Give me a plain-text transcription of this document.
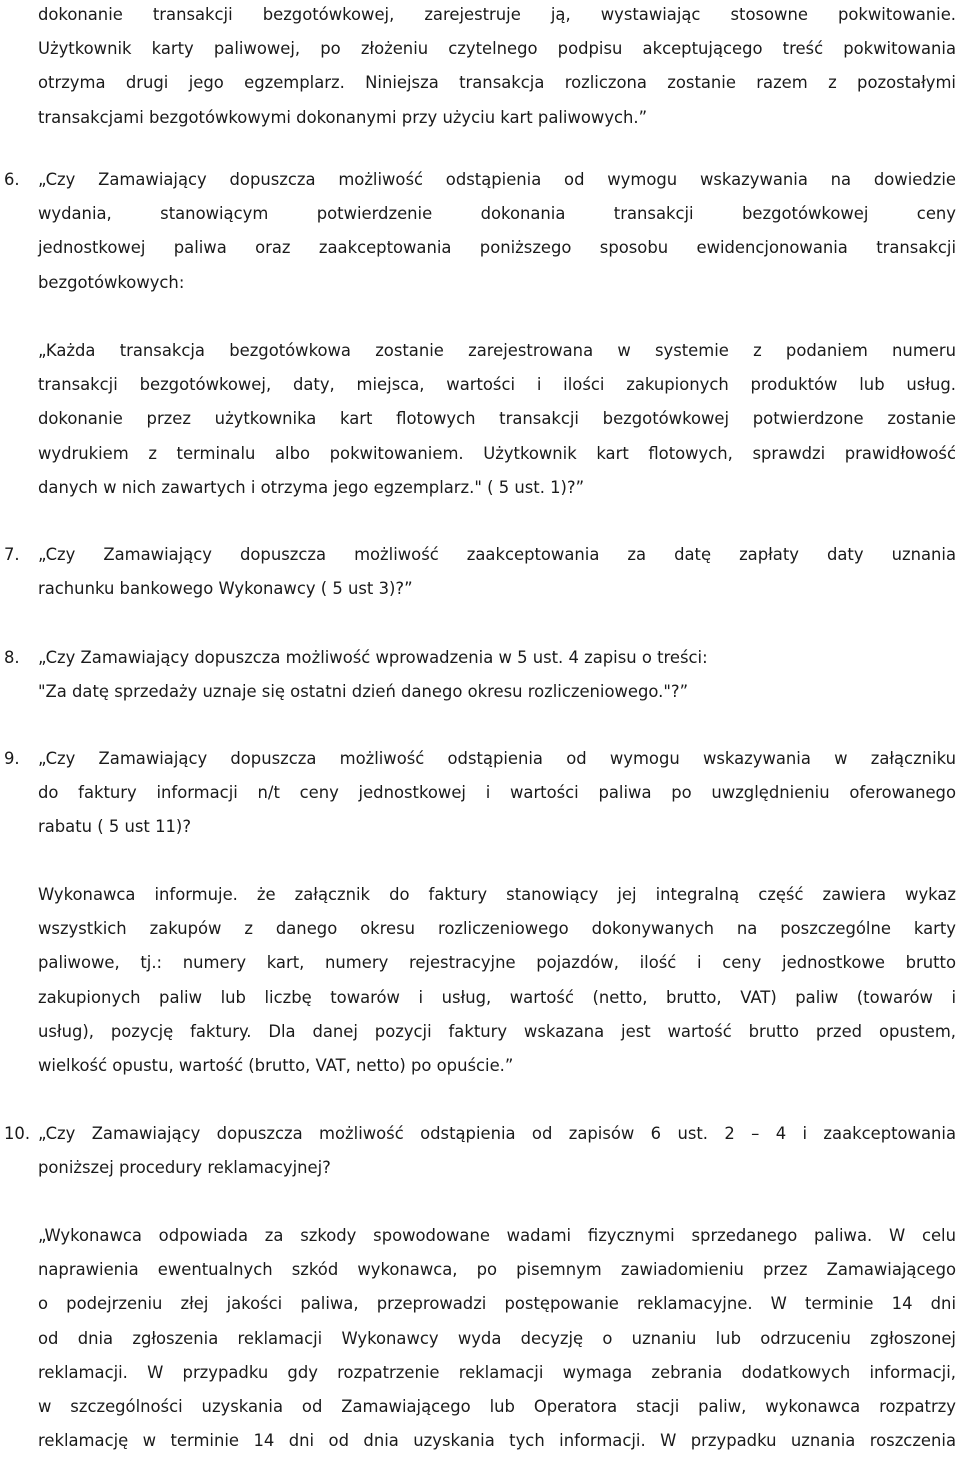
dokonanie transakcji bezgotówkowej, zarejestruje ją, wystawiając stosowne pokwitowanie.
Użytkownik karty paliwowej, po złożeniu czytelnego podpisu akceptującego treść pokwitowania
otrzyma drugi jego egzemplarz. Niniejsza transakcja rozliczona zostanie razem z pozostałymi
transakcjami bezgotówkowymi dokonanymi przy użyciu kart paliwowych.”
6. „Czy Zamawiający dopuszcza możliwość odstąpienia od wymogu wskazywania na dowiedzie
wydania, stanowiącym potwierdzenie dokonania transakcji bezgotówkowej ceny
jednostkowej paliwa oraz zaakceptowania poniższego sposobu ewidencjonowania transakcji
bezgotówkowych:
„Każda transakcja bezgotówkowa zostanie zarejestrowana w systemie z podaniem numeru
transakcji bezgotówkowej, daty, miejsca, wartości i ilości zakupionych produktów lub usług.
dokonanie przez użytkownika kart flotowych transakcji bezgotówkowej potwierdzone zostanie
wydrukiem z terminalu albo pokwitowaniem. Użytkownik kart flotowych, sprawdzi prawidłowość
danych w nich zawartych i otrzyma jego egzemplarz." ( 5 ust. 1)?”
7. „Czy Zamawiający dopuszcza możliwość zaakceptowania za datę zapłaty daty uznania
rachunku bankowego Wykonawcy ( 5 ust 3)?”
8. „Czy Zamawiający dopuszcza możliwość wprowadzenia w 5 ust. 4 zapisu o treści:
"Za datę sprzedaży uznaje się ostatni dzień danego okresu rozliczeniowego."?”
9. „Czy Zamawiający dopuszcza możliwość odstąpienia od wymogu wskazywania w załączniku
do faktury informacji n/t ceny jednostkowej i wartości paliwa po uwzględnieniu oferowanego
rabatu ( 5 ust 11)?
Wykonawca informuje. że załącznik do faktury stanowiący jej integralną część zawiera wykaz
wszystkich zakupów z danego okresu rozliczeniowego dokonywanych na poszczególne karty
paliwowe, tj.: numery kart, numery rejestracyjne pojazdów, ilość i ceny jednostkowe brutto
zakupionych paliw lub liczbę towarów i usług, wartość (netto, brutto, VAT) paliw (towarów i
usług), pozycję faktury. Dla danej pozycji faktury wskazana jest wartość brutto przed opustem,
wielkość opustu, wartość (brutto, VAT, netto) po opuście.”
10. „Czy Zamawiający dopuszcza możliwość odstąpienia od zapisów 6 ust. 2 – 4 i zaakceptowania
poniższej procedury reklamacyjnej?
„Wykonawca odpowiada za szkody spowodowane wadami fizycznymi sprzedanego paliwa. W celu
naprawienia ewentualnych szkód wykonawca, po pisemnym zawiadomieniu przez Zamawiającego
o podejrzeniu złej jakości paliwa, przeprowadzi postępowanie reklamacyjne. W terminie 14 dni
od dnia zgłoszenia reklamacji Wykonawcy wyda decyzję o uznaniu lub odrzuceniu zgłoszonej
reklamacji. W przypadku gdy rozpatrzenie reklamacji wymaga zebrania dodatkowych informacji,
w szczególności uzyskania od Zamawiającego lub Operatora stacji paliw, wykonawca rozpatrzy
reklamację w terminie 14 dni od dnia uzyskania tych informacji. W przypadku uznania roszczenia
